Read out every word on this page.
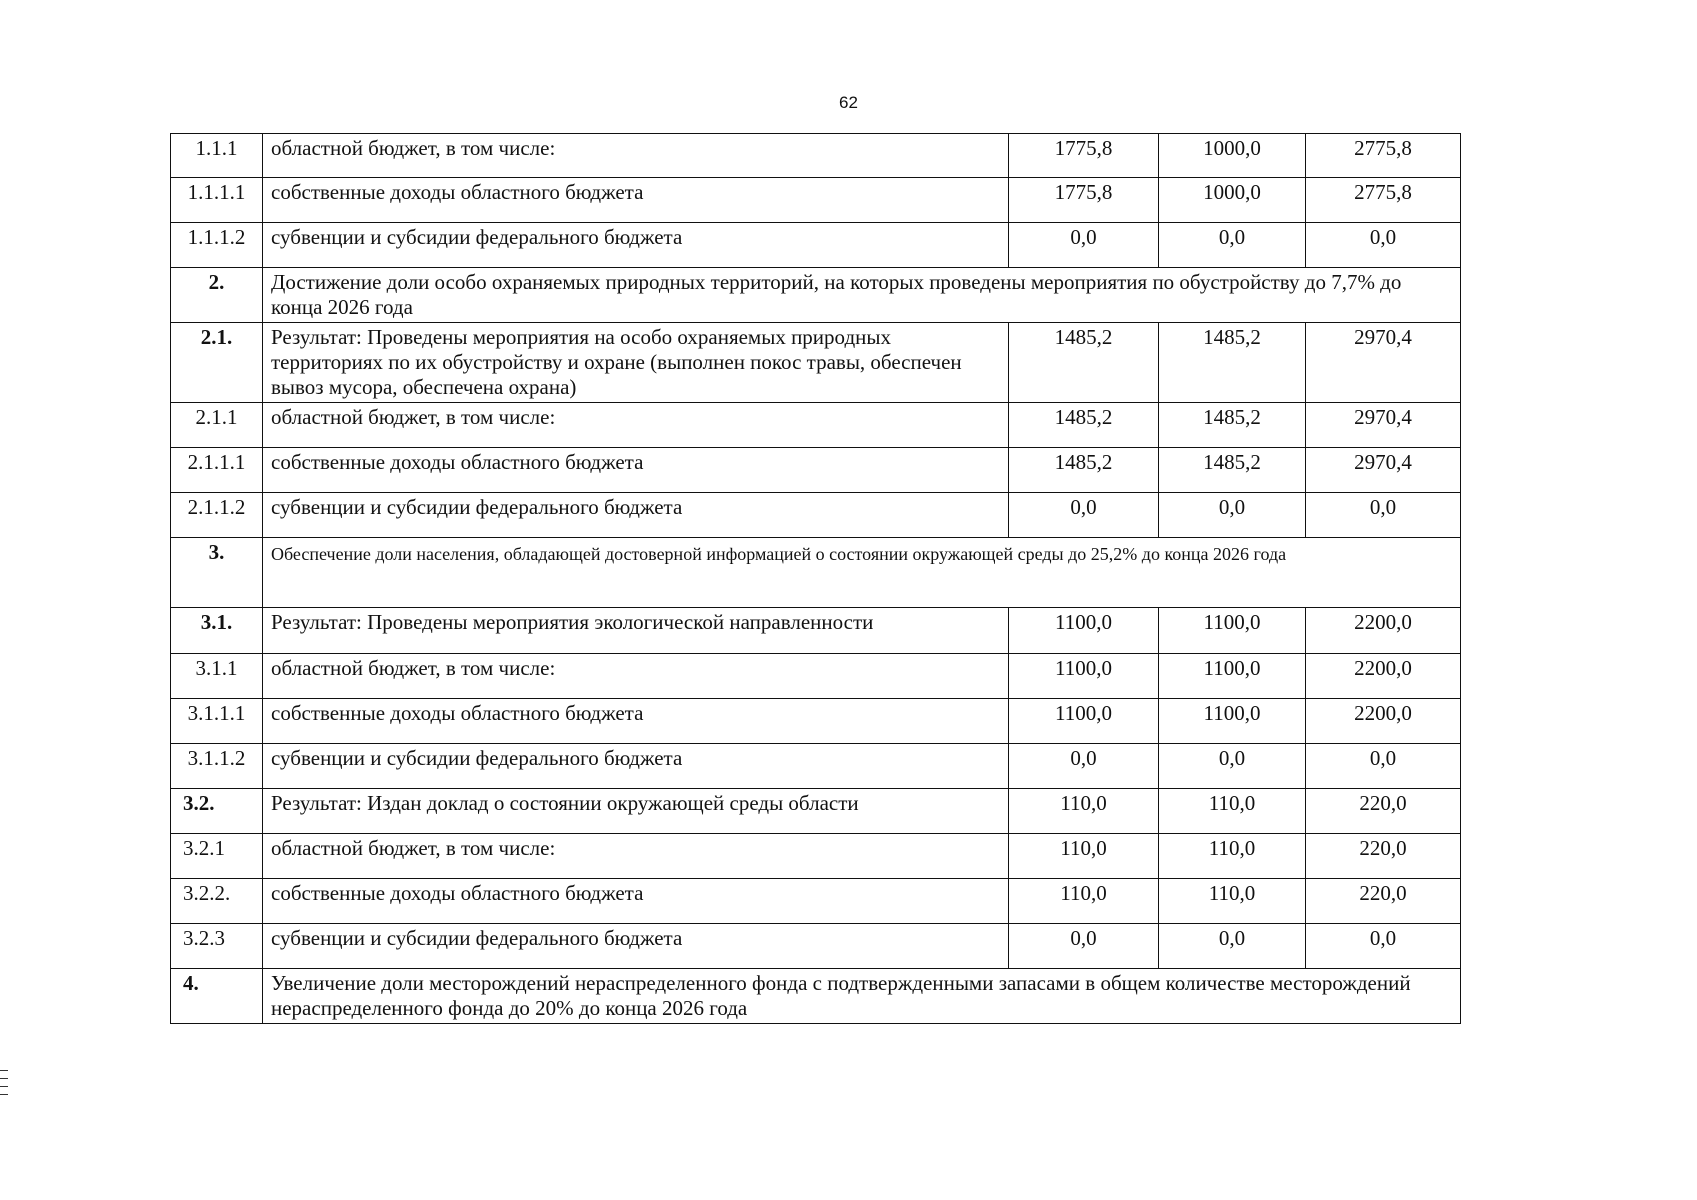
62
1.1.1	областной бюджет, в том числе:	1775,8	1000,0	2775,8
1.1.1.1	собственные доходы областного бюджета	1775,8	1000,0	2775,8
1.1.1.2	субвенции и субсидии федерального бюджета	0,0	0,0	0,0
2.	Достижение доли особо охраняемых природных территорий, на которых проведены мероприятия по обустройству до 7,7% до конца 2026 года			
2.1.	Результат: Проведены мероприятия на особо охраняемых природных территориях по их обустройству и охране (выполнен покос травы, обеспечен вывоз мусора, обеспечена охрана)	1485,2	1485,2	2970,4
2.1.1	областной бюджет, в том числе:	1485,2	1485,2	2970,4
2.1.1.1	собственные доходы областного бюджета	1485,2	1485,2	2970,4
2.1.1.2	субвенции и субсидии федерального бюджета	0,0	0,0	0,0
3.	Обеспечение доли населения, обладающей достоверной информацией о состоянии окружающей среды до 25,2% до конца 2026 года			
3.1.	Результат: Проведены мероприятия экологической направленности	1100,0	1100,0	2200,0
3.1.1	областной бюджет, в том числе:	1100,0	1100,0	2200,0
3.1.1.1	собственные доходы областного бюджета	1100,0	1100,0	2200,0
3.1.1.2	субвенции и субсидии федерального бюджета	0,0	0,0	0,0
3.2.	Результат: Издан доклад о состоянии окружающей среды области	110,0	110,0	220,0
3.2.1	областной бюджет, в том числе:	110,0	110,0	220,0
3.2.2.	собственные доходы областного бюджета	110,0	110,0	220,0
3.2.3	субвенции и субсидии федерального бюджета	0,0	0,0	0,0
4.	Увеличение доли месторождений нераспределенного фонда с подтвержденными запасами в общем количестве месторождений нераспределенного фонда до 20% до конца 2026 года			
